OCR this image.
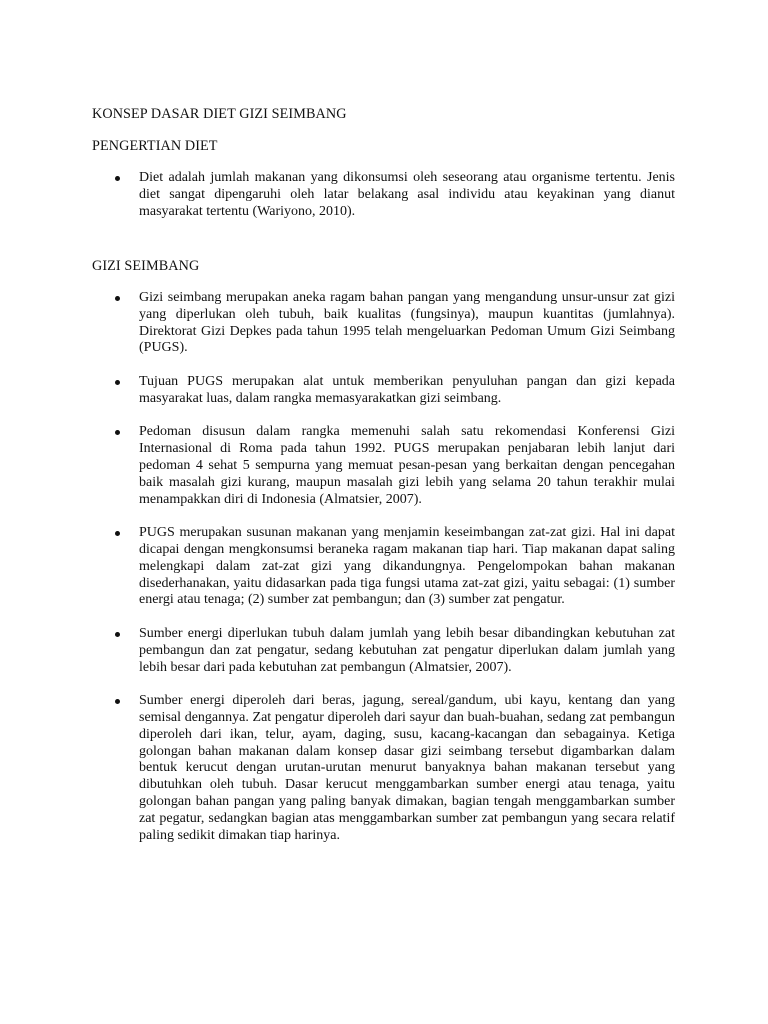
KONSEP DASAR DIET GIZI SEIMBANG
PENGERTIAN DIET
Diet adalah jumlah makanan yang dikonsumsi oleh seseorang atau organisme tertentu. Jenis diet sangat dipengaruhi oleh latar belakang asal individu atau keyakinan yang dianut masyarakat tertentu (Wariyono, 2010).
GIZI SEIMBANG
Gizi seimbang merupakan aneka ragam bahan pangan yang mengandung unsur-unsur zat gizi yang diperlukan oleh tubuh, baik kualitas (fungsinya), maupun kuantitas (jumlahnya). Direktorat Gizi Depkes pada tahun 1995 telah mengeluarkan Pedoman Umum Gizi Seimbang (PUGS).
Tujuan PUGS merupakan alat untuk memberikan penyuluhan pangan dan gizi kepada masyarakat luas, dalam rangka memasyarakatkan gizi seimbang.
Pedoman disusun dalam rangka memenuhi salah satu rekomendasi Konferensi Gizi Internasional di Roma pada tahun 1992. PUGS merupakan penjabaran lebih lanjut dari pedoman 4 sehat 5 sempurna yang memuat pesan-pesan yang berkaitan dengan pencegahan baik masalah gizi kurang, maupun masalah gizi lebih yang selama 20 tahun terakhir mulai menampakkan diri di Indonesia (Almatsier, 2007).
PUGS merupakan susunan makanan yang menjamin keseimbangan zat-zat gizi. Hal ini dapat dicapai dengan mengkonsumsi beraneka ragam makanan tiap hari. Tiap makanan dapat saling melengkapi dalam zat-zat gizi yang dikandungnya. Pengelompokan bahan makanan disederhanakan, yaitu didasarkan pada tiga fungsi utama zat-zat gizi, yaitu sebagai: (1) sumber energi atau tenaga; (2) sumber zat pembangun; dan (3) sumber zat pengatur.
Sumber energi diperlukan tubuh dalam jumlah yang lebih besar dibandingkan kebutuhan zat pembangun dan zat pengatur, sedang kebutuhan zat pengatur diperlukan dalam jumlah yang lebih besar dari pada kebutuhan zat pembangun (Almatsier, 2007).
Sumber energi diperoleh dari beras, jagung, sereal/gandum, ubi kayu, kentang dan yang semisal dengannya. Zat pengatur diperoleh dari sayur dan buah-buahan, sedang zat pembangun diperoleh dari ikan, telur, ayam, daging, susu, kacang-kacangan dan sebagainya. Ketiga golongan bahan makanan dalam konsep dasar gizi seimbang tersebut digambarkan dalam bentuk kerucut dengan urutan-urutan menurut banyaknya bahan makanan tersebut yang dibutuhkan oleh tubuh. Dasar kerucut menggambarkan sumber energi atau tenaga, yaitu golongan bahan pangan yang paling banyak dimakan, bagian tengah menggambarkan sumber zat pegatur, sedangkan bagian atas menggambarkan sumber zat pembangun yang secara relatif paling sedikit dimakan tiap harinya.
